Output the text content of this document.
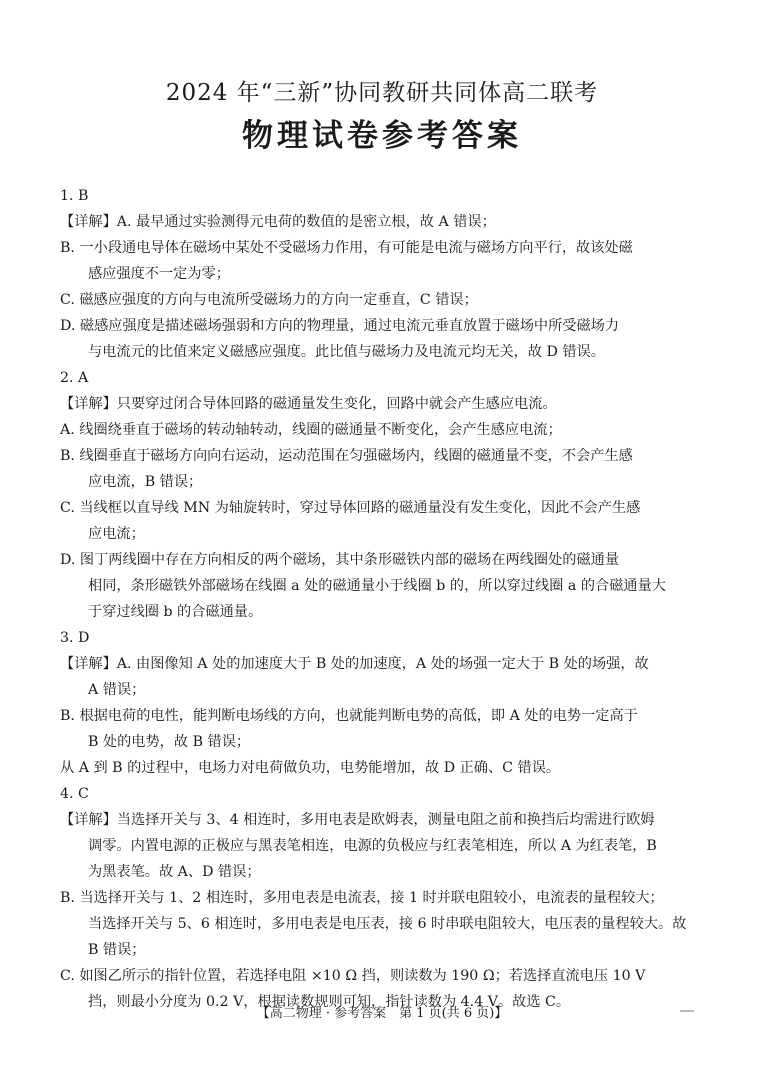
2024 年“三新”协同教研共同体高二联考
物理试卷参考答案

1. B

【详解】A. 最早通过实验测得元电荷的数值的是密立根，故 A 错误；

B. 一小段通电导体在磁场中某处不受磁场力作用，有可能是电流与磁场方向平行，故该处磁

感应强度不一定为零；

C. 磁感应强度的方向与电流所受磁场力的方向一定垂直，C 错误；

D. 磁感应强度是描述磁场强弱和方向的物理量，通过电流元垂直放置于磁场中所受磁场力

与电流元的比值来定义磁感应强度。此比值与磁场力及电流元均无关，故 D 错误。

2. A

【详解】只要穿过闭合导体回路的磁通量发生变化，回路中就会产生感应电流。

A. 线圈绕垂直于磁场的转动轴转动，线圈的磁通量不断变化，会产生感应电流；

B. 线圈垂直于磁场方向向右运动，运动范围在匀强磁场内，线圈的磁通量不变，不会产生感

应电流，B 错误；

C. 当线框以直导线 MN 为轴旋转时，穿过导体回路的磁通量没有发生变化，因此不会产生感

应电流；

D. 图丁两线圈中存在方向相反的两个磁场，其中条形磁铁内部的磁场在两线圈处的磁通量

相同，条形磁铁外部磁场在线圈 a 处的磁通量小于线圈 b 的，所以穿过线圈 a 的合磁通量大

于穿过线圈 b 的合磁通量。

3. D

【详解】A. 由图像知 A 处的加速度大于 B 处的加速度，A 处的场强一定大于 B 处的场强，故

A 错误；

B. 根据电荷的电性，能判断电场线的方向，也就能判断电势的高低，即 A 处的电势一定高于

B 处的电势，故 B 错误；

从 A 到 B 的过程中，电场力对电荷做负功，电势能增加，故 D 正确、C 错误。

4. C

【详解】当选择开关与 3、4 相连时，多用电表是欧姆表，测量电阻之前和换挡后均需进行欧姆

调零。内置电源的正极应与黑表笔相连，电源的负极应与红表笔相连，所以 A 为红表笔，B

为黑表笔。故 A、D 错误；

B. 当选择开关与 1、2 相连时，多用电表是电流表，接 1 时并联电阻较小，电流表的量程较大；

当选择开关与 5、6 相连时，多用电表是电压表，接 6 时串联电阻较大，电压表的量程较大。故

B 错误；

C. 如图乙所示的指针位置，若选择电阻 ×10 Ω 挡，则读数为 190 Ω；若选择直流电压 10 V

挡，则最小分度为 0.2 V，根据读数规则可知，指针读数为 4.4 V。故选 C。

【高二物理 · 参考答案　第 1 页(共 6 页)】
